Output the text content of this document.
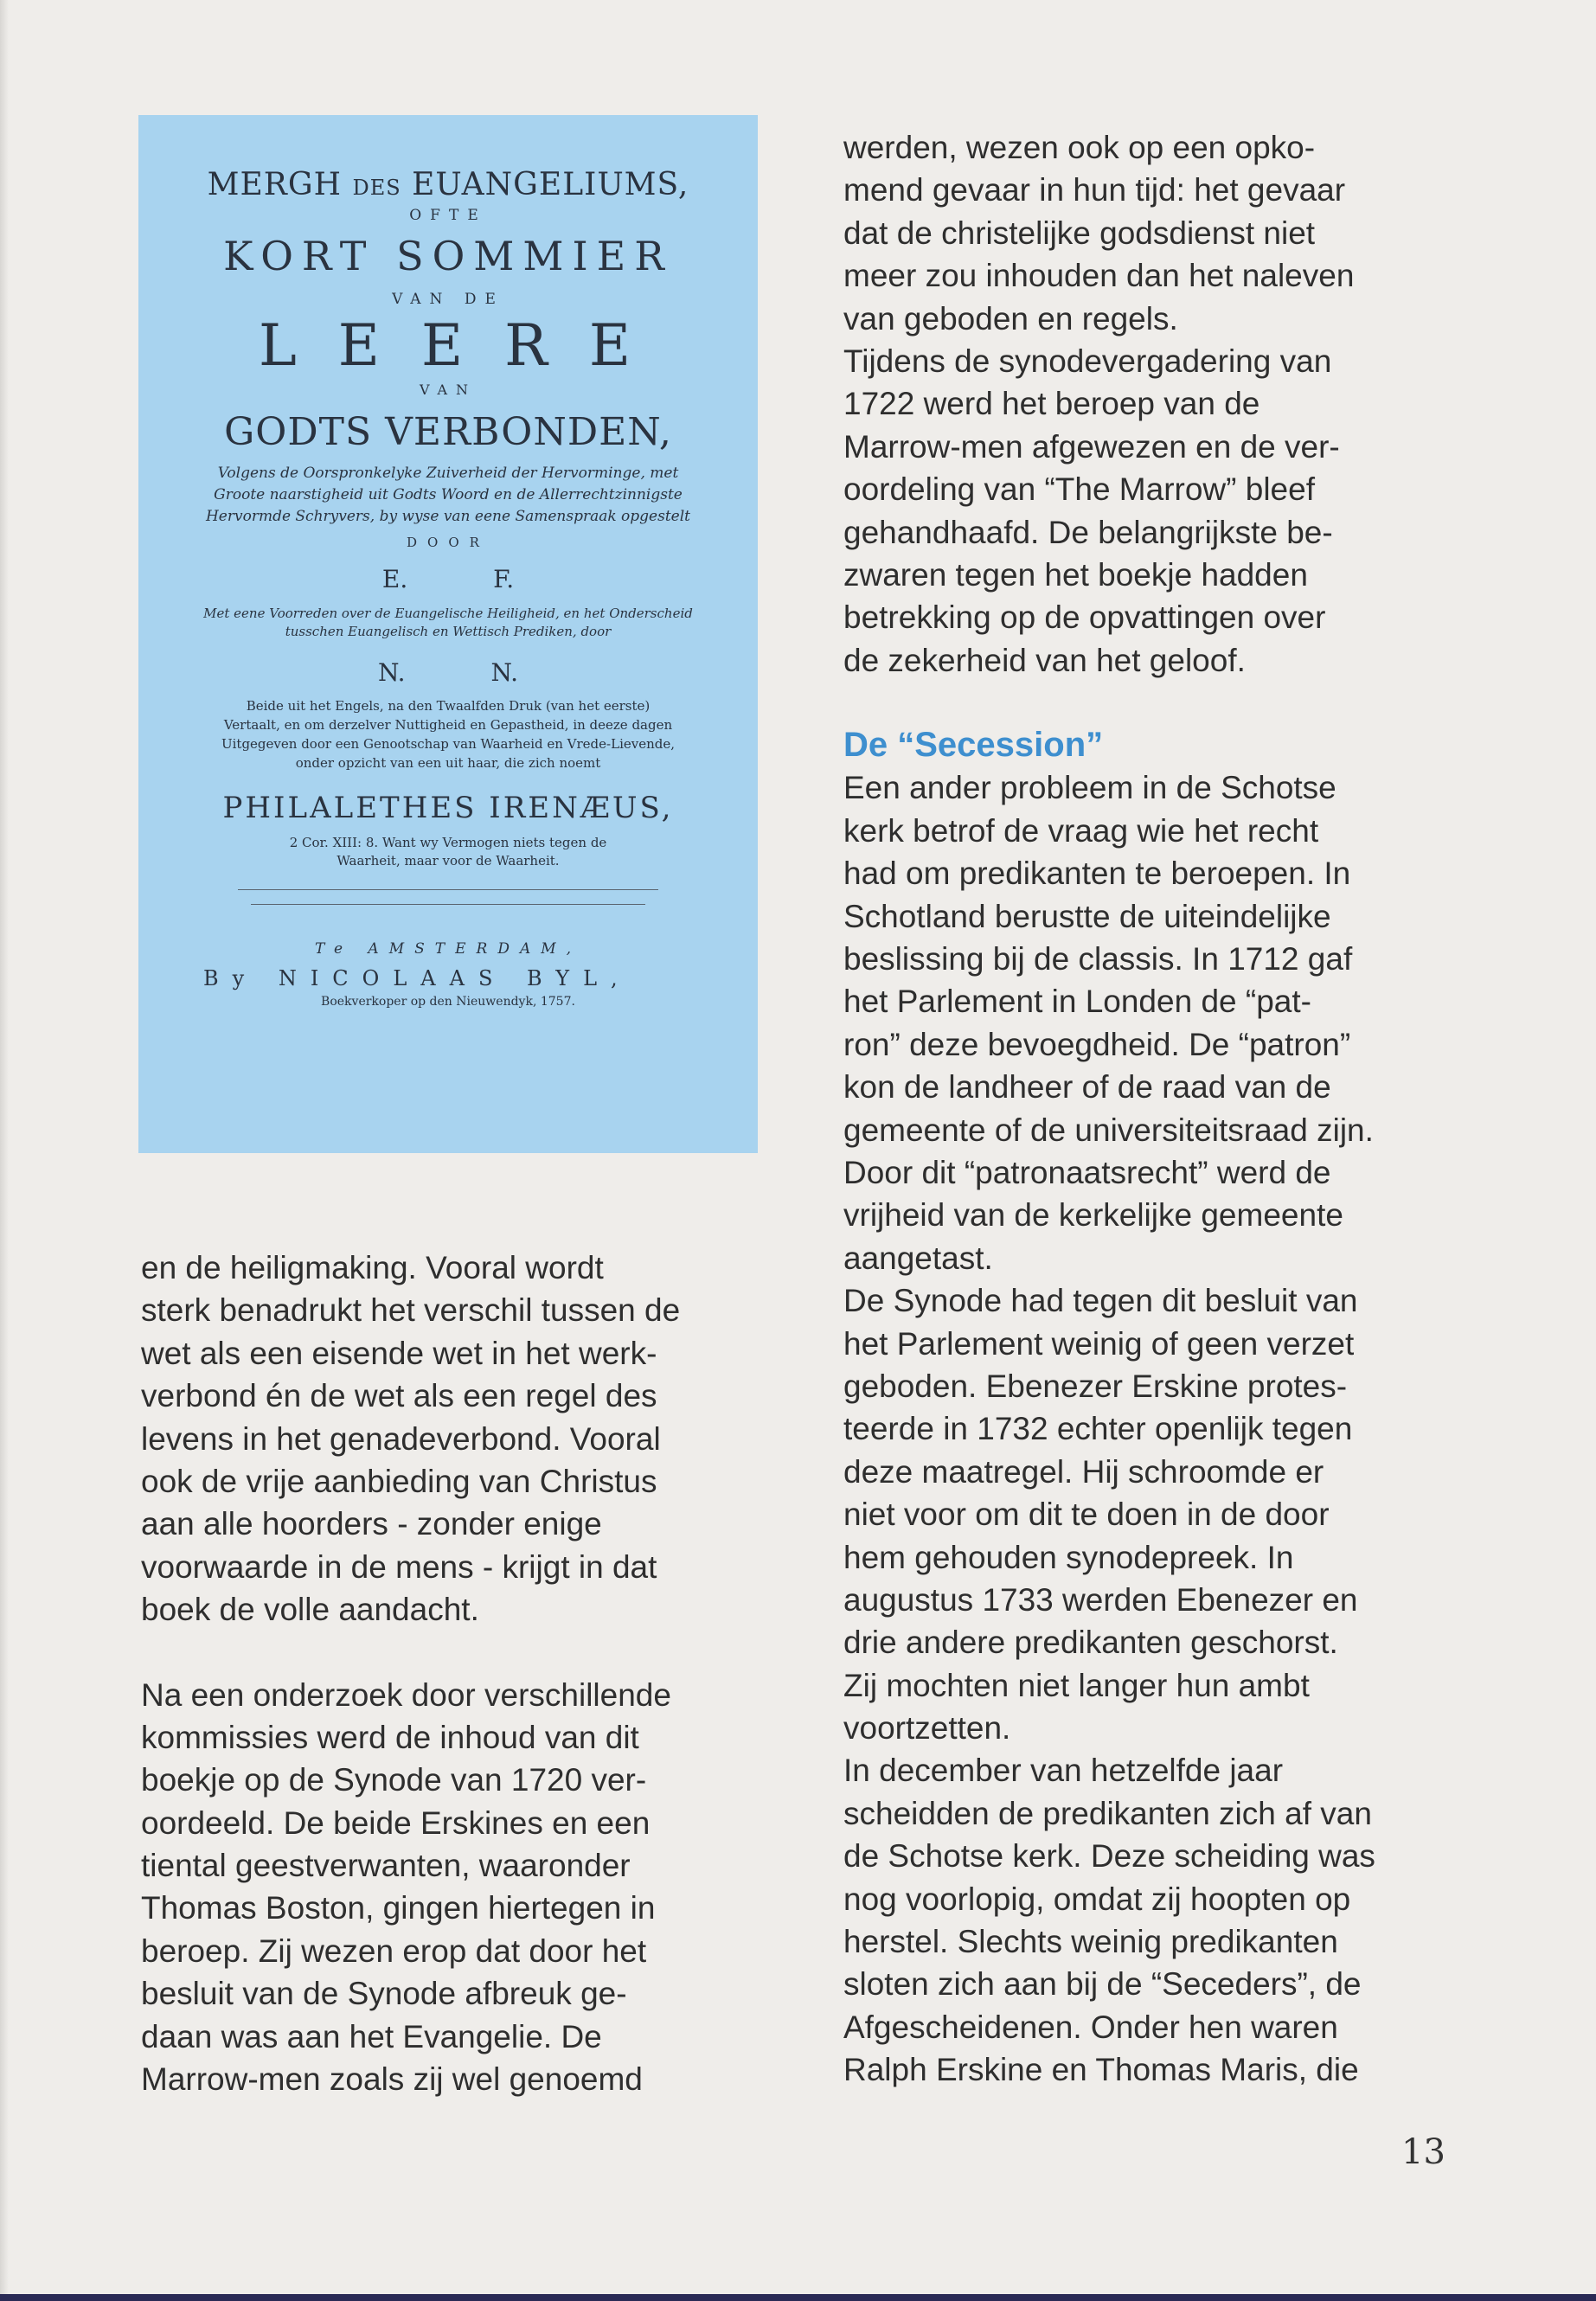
MERGH DES EUANGELIUMS,

OFTE

KORT SOMMIER

VAN DE

LEERE

VAN

GODTS VERBONDEN,

Volgens de Oorspronkelyke Zuiverheid der Hervorminge, met Groote naarstigheid uit Godts Woord en de Allerrechtzinnigste Hervormde Schryvers, by wyse van eene Samenspraak opgestelt

DOOR

E. F.

Met eene Voorreden over de Euangelische Heiligheid, en het Onderscheid tusschen Euangelisch en Wettisch Prediken, door

N. N.

Beide uit het Engels, na den Twaalfden Druk (van het eerste) Vertaalt, en om derzelver Nuttigheid en Gepastheid, in deeze dagen Uitgegeven door een Genootschap van Waarheid en Vrede-Lievende, onder opzicht van een uit haar, die zich noemt

PHILALETHES IRENÆUS,

2 Cor. XIII: 8. Want wy Vermogen niets tegen de Waarheit, maar voor de Waarheit.

Te AMSTERDAM,

By NICOLAAS BYL,

Boekverkoper op den Nieuwendyk, 1757.

en de heiligmaking. Vooral wordt
sterk benadrukt het verschil tussen de
wet als een eisende wet in het werk-
verbond én de wet als een regel des
levens in het genadeverbond. Vooral
ook de vrije aanbieding van Christus
aan alle hoorders - zonder enige
voorwaarde in de mens - krijgt in dat
boek de volle aandacht.

Na een onderzoek door verschillende
kommissies werd de inhoud van dit
boekje op de Synode van 1720 ver-
oordeeld. De beide Erskines en een
tiental geestverwanten, waaronder
Thomas Boston, gingen hiertegen in
beroep. Zij wezen erop dat door het
besluit van de Synode afbreuk ge-
daan was aan het Evangelie. De
Marrow-men zoals zij wel genoemd

werden, wezen ook op een opko-
mend gevaar in hun tijd: het gevaar
dat de christelijke godsdienst niet
meer zou inhouden dan het naleven
van geboden en regels.

Tijdens de synodevergadering van
1722 werd het beroep van de
Marrow-men afgewezen en de ver-
oordeling van “The Marrow” bleef
gehandhaafd. De belangrijkste be-
zwaren tegen het boekje hadden
betrekking op de opvattingen over
de zekerheid van het geloof.

De “Secession”

Een ander probleem in de Schotse
kerk betrof de vraag wie het recht
had om predikanten te beroepen. In
Schotland berustte de uiteindelijke
beslissing bij de classis. In 1712 gaf
het Parlement in Londen de “pat-
ron” deze bevoegdheid. De “patron”
kon de landheer of de raad van de
gemeente of de universiteitsraad zijn.
Door dit “patronaatsrecht” werd de
vrijheid van de kerkelijke gemeente
aangetast.

De Synode had tegen dit besluit van
het Parlement weinig of geen verzet
geboden. Ebenezer Erskine protes-
teerde in 1732 echter openlijk tegen
deze maatregel. Hij schroomde er
niet voor om dit te doen in de door
hem gehouden synodepreek. In
augustus 1733 werden Ebenezer en
drie andere predikanten geschorst.
Zij mochten niet langer hun ambt
voortzetten.

In december van hetzelfde jaar
scheidden de predikanten zich af van
de Schotse kerk. Deze scheiding was
nog voorlopig, omdat zij hoopten op
herstel. Slechts weinig predikanten
sloten zich aan bij de “Seceders”, de
Afgescheidenen. Onder hen waren
Ralph Erskine en Thomas Maris, die

13
